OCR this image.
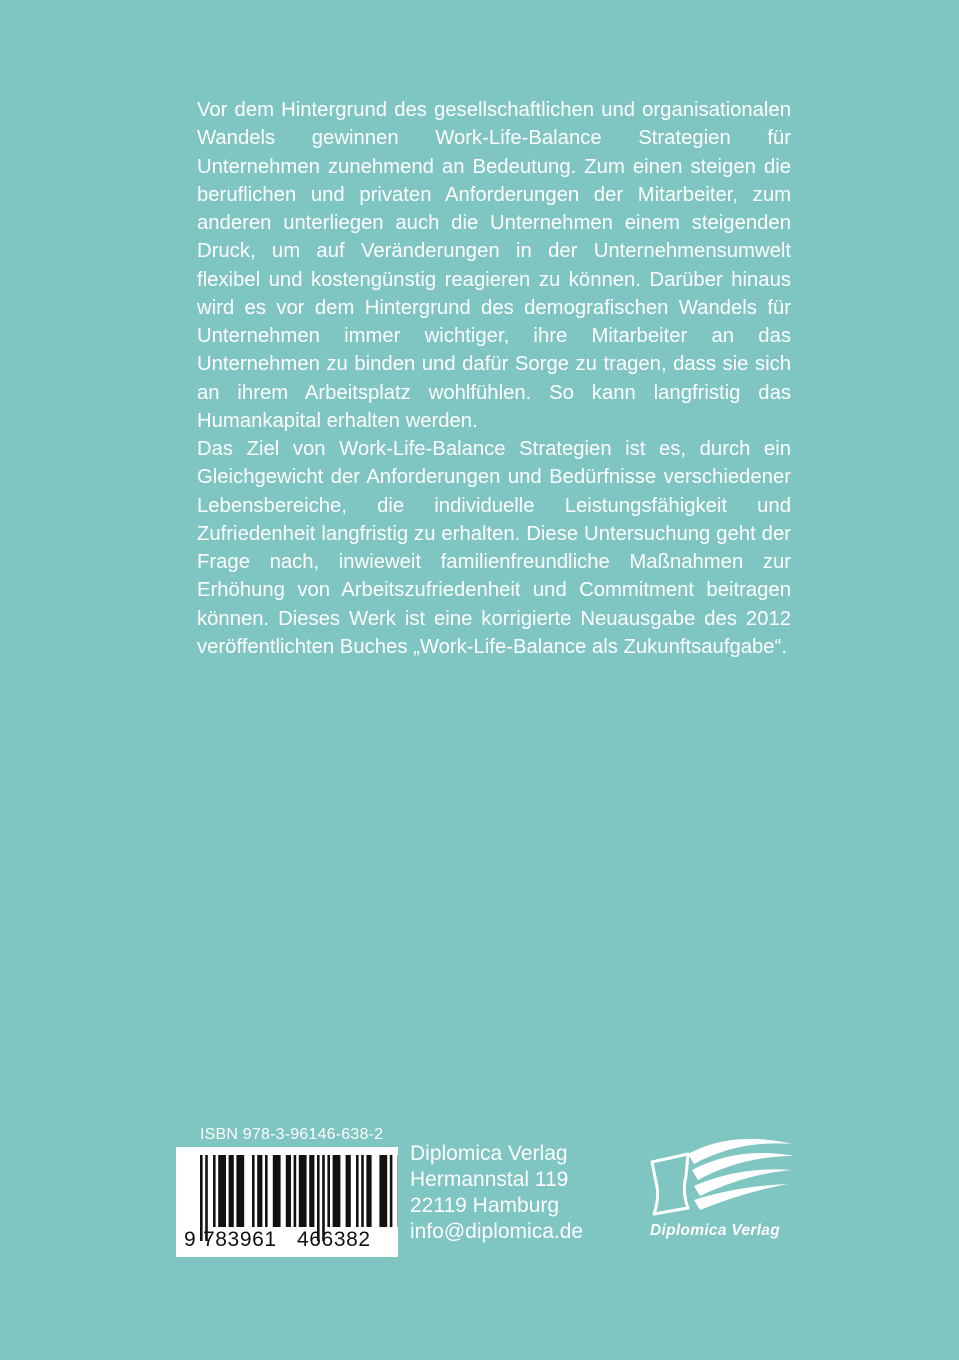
Vor dem Hintergrund des gesellschaftlichen und organisationalen Wandels gewinnen Work-Life-Balance Strategien für Unternehmen zunehmend an Bedeutung. Zum einen steigen die beruflichen und privaten Anforderungen der Mitarbeiter, zum anderen unterliegen auch die Unternehmen einem steigenden Druck, um auf Veränderungen in der Unternehmensumwelt flexibel und kostengünstig reagieren zu können. Darüber hinaus wird es vor dem Hintergrund des demografischen Wandels für Unternehmen immer wichtiger, ihre Mitarbeiter an das Unternehmen zu binden und dafür Sorge zu tragen, dass sie sich an ihrem Arbeitsplatz wohlfühlen. So kann langfristig das Humankapital erhalten werden.

Das Ziel von Work-Life-Balance Strategien ist es, durch ein Gleichgewicht der Anforderungen und Bedürfnisse verschiedener Lebensbereiche, die individuelle Leistungsfähigkeit und Zufriedenheit langfristig zu erhalten. Diese Untersuchung geht der Frage nach, inwieweit familienfreundliche Maßnahmen zur Erhöhung von Arbeitszufriedenheit und Commitment beitragen können. Dieses Werk ist eine korrigierte Neuausgabe des 2012 veröffentlichten Buches „Work-Life-Balance als Zukunftsaufgabe“.

ISBN 978-3-96146-638-2
9 783961 466382
Diplomica Verlag
Hermannstal 119
22119 Hamburg
info@diplomica.de	Diplomica Verlag
